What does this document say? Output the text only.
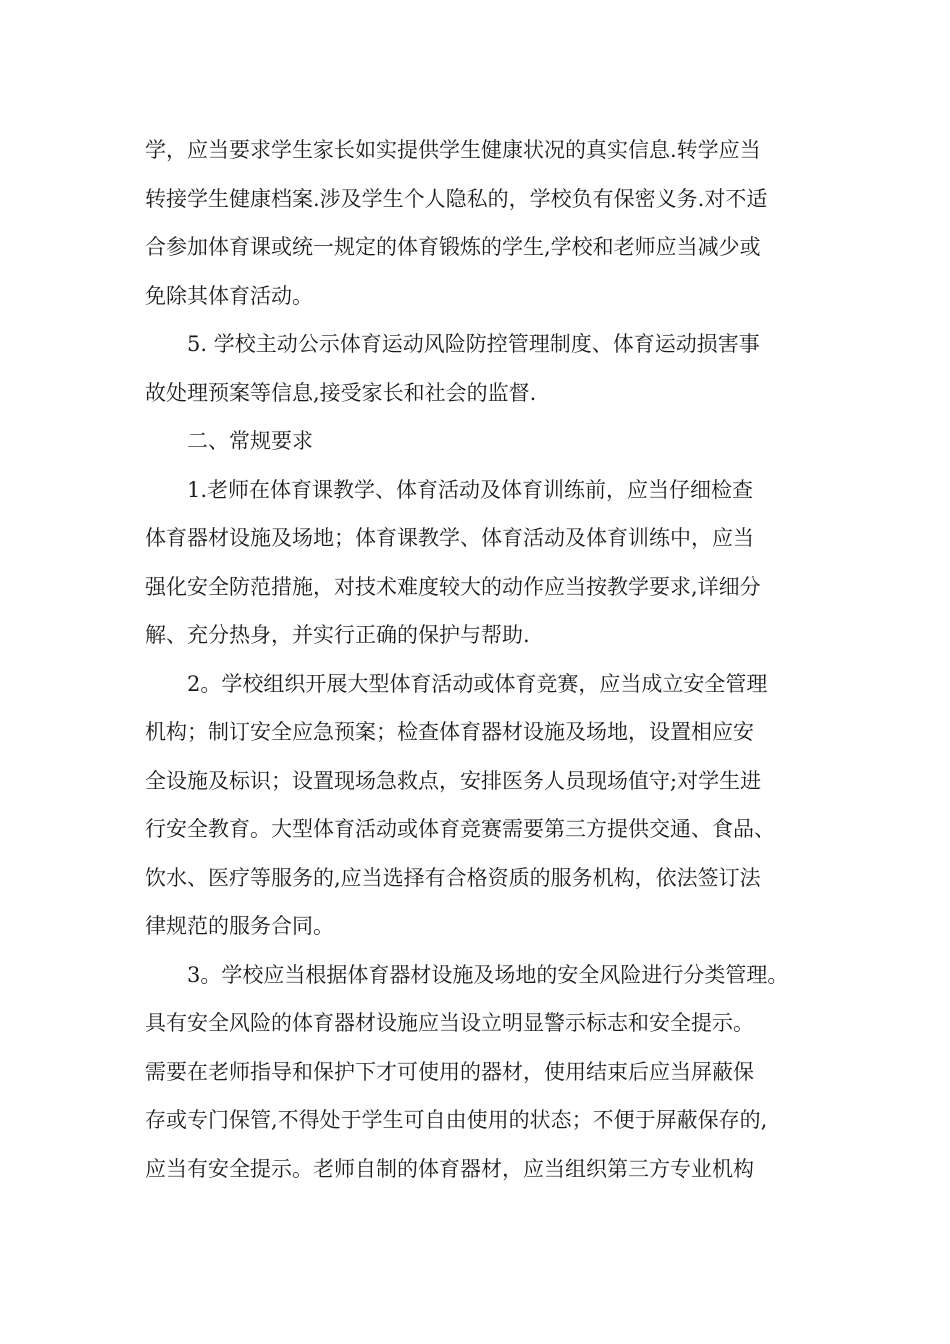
学，应当要求学生家长如实提供学生健康状况的真实信息.转学应当
转接学生健康档案.涉及学生个人隐私的，学校负有保密义务.对不适
合参加体育课或统一规定的体育锻炼的学生,学校和老师应当减少或
免除其体育活动。

5. 学校主动公示体育运动风险防控管理制度、体育运动损害事
故处理预案等信息,接受家长和社会的监督.

二、常规要求

1.老师在体育课教学、体育活动及体育训练前，应当仔细检查
体育器材设施及场地；体育课教学、体育活动及体育训练中，应当
强化安全防范措施，对技术难度较大的动作应当按教学要求,详细分
解、充分热身，并实行正确的保护与帮助.

2。学校组织开展大型体育活动或体育竞赛，应当成立安全管理
机构；制订安全应急预案；检查体育器材设施及场地，设置相应安
全设施及标识；设置现场急救点，安排医务人员现场值守;对学生进
行安全教育。大型体育活动或体育竞赛需要第三方提供交通、食品、
饮水、医疗等服务的,应当选择有合格资质的服务机构，依法签订法
律规范的服务合同。

3。学校应当根据体育器材设施及场地的安全风险进行分类管理。
具有安全风险的体育器材设施应当设立明显警示标志和安全提示。
需要在老师指导和保护下才可使用的器材，使用结束后应当屏蔽保
存或专门保管,不得处于学生可自由使用的状态；不便于屏蔽保存的,
应当有安全提示。老师自制的体育器材，应当组织第三方专业机构
